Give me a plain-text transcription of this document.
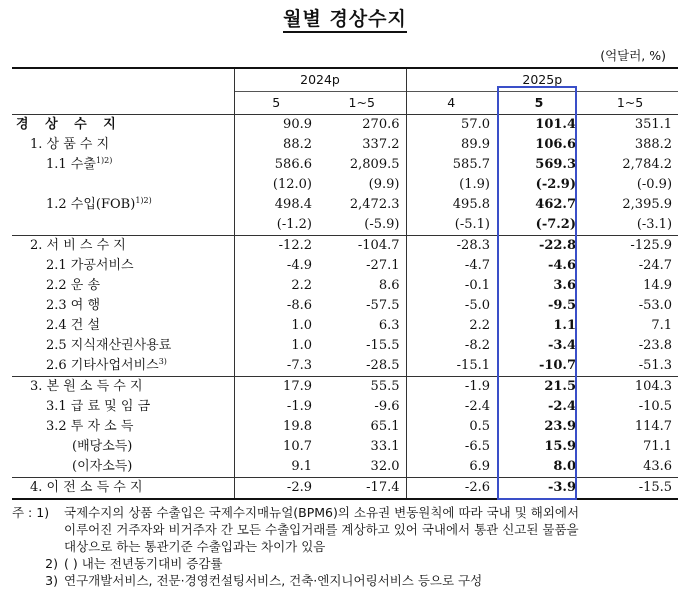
월별 경상수지
(억달러, %)
	2024p		2025p		
	5	1~5	4	5	1~5
경 상 수 지	90.9	270.6	57.0	101.4	351.1
1. 상 품 수 지	88.2	337.2	89.9	106.6	388.2
1.1 수출$^{1)2)}$	586.6	2,809.5	585.7	569.3	2,784.2
	(12.0)	(9.9)	(1.9)	(-2.9)	(-0.9)
1.2 수입(FOB)$^{1)2)}$	498.4	2,472.3	495.8	462.7	2,395.9
	(-1.2)	(-5.9)	(-5.1)	(-7.2)	(-3.1)
2. 서 비 스 수 지	-12.2	-104.7	-28.3	-22.8	-125.9
2.1 가공서비스	-4.9	-27.1	-4.7	-4.6	-24.7
2.2 운 송	2.2	8.6	-0.1	3.6	14.9
2.3 여 행	-8.6	-57.5	-5.0	-9.5	-53.0
2.4 건 설	1.0	6.3	2.2	1.1	7.1
2.5 지식재산권사용료	1.0	-15.5	-8.2	-3.4	-23.8
2.6 기타사업서비스$^{3)}$	-7.3	-28.5	-15.1	-10.7	-51.3
3. 본 원 소 득 수 지	17.9	55.5	-1.9	21.5	104.3
3.1 급 료 및 임 금	-1.9	-9.6	-2.4	-2.4	-10.5
3.2 투 자 소 득	19.8	65.1	0.5	23.9	114.7
(배당소득)	10.7	33.1	-6.5	15.9	71.1
(이자소득)	9.1	32.0	6.9	8.0	43.6
4. 이 전 소 득 수 지	-2.9	-17.4	-2.6	-3.9	-15.5
주 : 1)	국제수지의 상품 수출입은 국제수지매뉴얼(BPM6)의 소유권 변동원칙에 따라 국내 및 해외에서
이루어진 거주자와 비거주자 간 모든 수출입거래를 계상하고 있어 국내에서 통관 신고된 물품을
대상으로 하는 통관기준 수출입과는 차이가 있음
2) ( ) 내는 전년동기대비 증감률
3) 연구개발서비스, 전문·경영컨설팅서비스, 건축·엔지니어링서비스 등으로 구성
